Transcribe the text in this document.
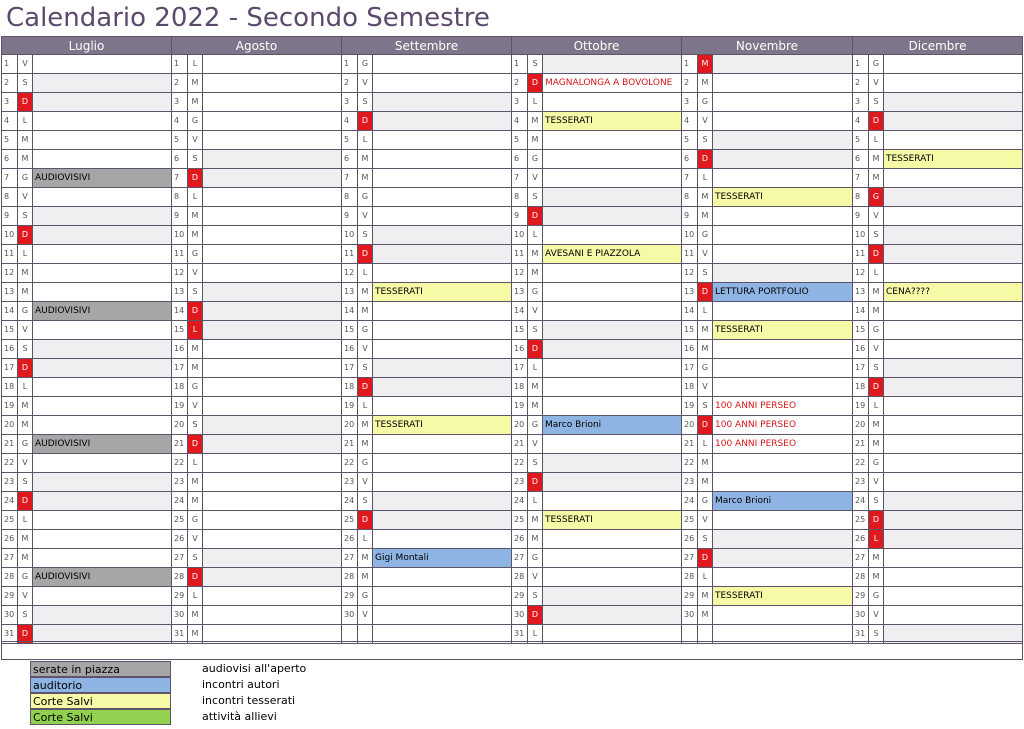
Calendario 2022 - Secondo Semestre
Luglio
1	V
2	S
3	D
4	L
5	M
6	M
7	G AUDIOVISIVI
8	V
9	S
10 D
11	L
12 M
13 M
14 G AUDIOVISIVI
15	V
16	S
17 D
18	L
19 M
20 M
21 G AUDIOVISIVI
22	V
23	S
24 D
25	L
26 M
27 M
28 G AUDIOVISIVI
29	V
30	S
31 D
Agosto
1	L
2	M
3	M
4	G
5	V
6	S
7	D
8	L
9	M
10 M
11 G
12	V
13	S
14 D
15	L
16 M
17 M
18 G
19	V
20	S
21 D
22	L
23 M
24 M
25 G
26	V
27	S
28 D
29	L
30 M
31 M
Settembre
1	G
2	V
3	S
4	D
5	L
6	M
7	M
8	G
9	V
10	S
11 D
12	L
13 M TESSERATI
14 M
15 G
16	V
17	S
18 D
19	L
20 M TESSERATI
21 M
22 G
23	V
24	S
25 D
26	L
27 M Gigi Montali
28 M
29 G
30	V
Ottobre
1	S
2	D MAGNALONGA A BOVOLONE
3	L
4	M TESSERATI
5	M
6	G
7	V
8	S
9	D
10	L
11 M AVESANI E PIAZZOLA
12 M
13 G
14	V
15	S
16 D
17	L
18 M
19 M
20 G Marco Brioni
21	V
22	S
23 D
24	L
25 M TESSERATI
26 M
27 G
28	V
29	S
30 D
31	L
Novembre
1	M
2	M
3	G
4	V
5	S
6	D
7	L
8	M TESSERATI
9	M
10 G
11	V
12	S
13 D LETTURA PORTFOLIO
14	L
15 M TESSERATI
16 M
17 G
18	V
19	S 100 ANNI PERSEO
20 D 100 ANNI PERSEO
21	L 100 ANNI PERSEO
22 M
23 M
24 G Marco Brioni
25	V
26	S
27 D
28	L
29 M TESSERATI
30 M
Dicembre
1	G
2	V
3	S
4	D
5	L
6	M TESSERATI
7	M
8	G
9	V
10	S
11 D
12	L
13 M CENA????
14 M
15 G
16	V
17	S
18 D
19	L
20 M
21 M
22 G
23	V
24	S
25 D
26	L
27 M
28 M
29 G
30	V
31	S
serate in piazza	audiovisi all'aperto
auditorio	incontri autori
Corte Salvi	incontri tesserati
Corte Salvi	attività allievi
